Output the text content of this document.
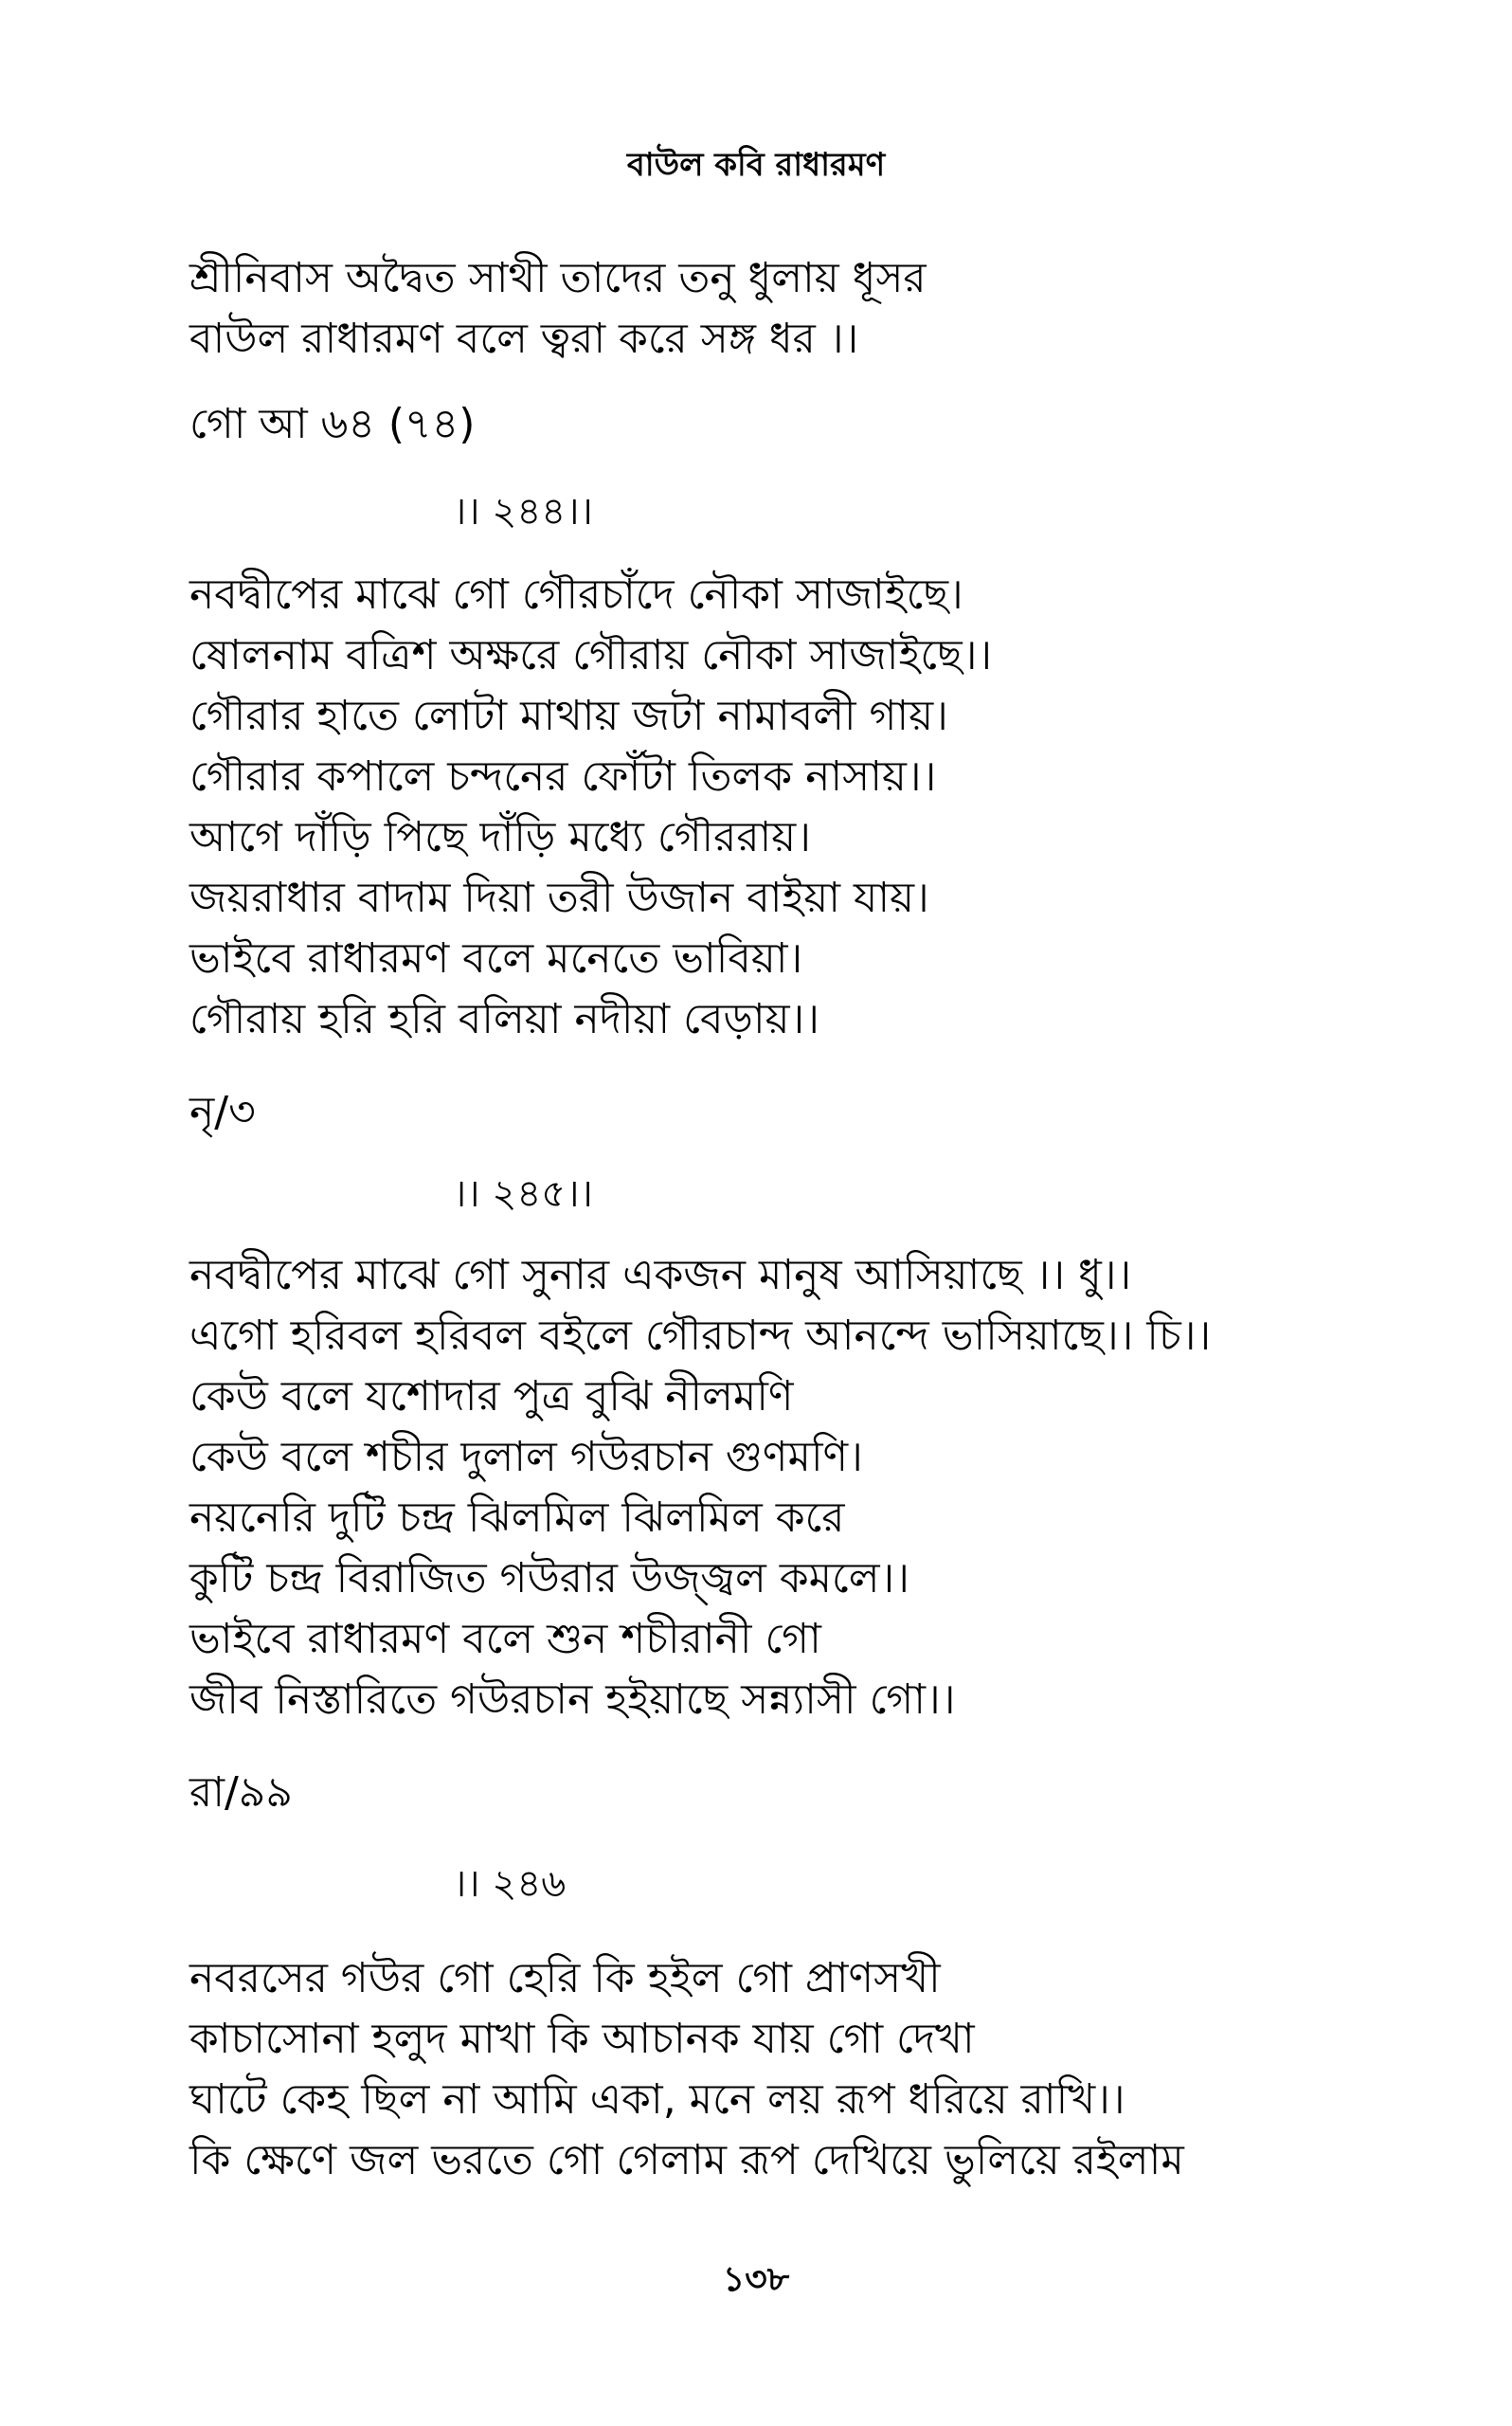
বাউল কবি রাধারমণ
শ্রীনিবাস অদ্বৈত সাথী তাদের তনু ধুলায় ধূসর
বাউল রাধারমণ বলে ত্বরা করে সঙ্গ ধর ।।
গো আ ৬৪ (৭৪)
।। ২৪৪।।
নবদ্বীপের মাঝে গো গৌরচাঁদে নৌকা সাজাইছে।
ষোলনাম বত্রিশ অক্ষরে গৌরায় নৌকা সাজাইছে।।
গৌরার হাতে লোটা মাথায় জটা নামাবলী গায়।
গৌরার কপালে চন্দনের ফোঁটা তিলক নাসায়।।
আগে দাঁড়ি পিছে দাঁড়ি মধ্যে গৌররায়।
জয়রাধার বাদাম দিয়া তরী উজান বাইয়া যায়।
ভাইবে রাধারমণ বলে মনেতে ভাবিয়া।
গৌরায় হরি হরি বলিয়া নদীয়া বেড়ায়।।
নৃ/৩
।। ২৪৫।।
নবদ্বীপের মাঝে গো সুনার একজন মানুষ আসিয়াছে ।। ধু।।
এগো হরিবল হরিবল বইলে গৌরচান্দ আনন্দে ভাসিয়াছে।। চি।।
কেউ বলে যশোদার পুত্র বুঝি নীলমণি
কেউ বলে শচীর দুলাল গউরচান গুণমণি।
নয়নেরি দুটি চন্দ্র ঝিলমিল ঝিলমিল করে
কুটি চন্দ্র বিরাজিত গউরার উজ্জ্বল কমলে।।
ভাইবে রাধারমণ বলে শুন শচীরানী গো
জীব নিস্তারিতে গউরচান হইয়াছে সন্ন্যাসী গো।।
রা/৯৯
।। ২৪৬
নবরসের গউর গো হেরি কি হইল গো প্রাণসখী
কাচাসোনা হলুদ মাখা কি আচানক যায় গো দেখা
ঘাটে কেহ ছিল না আমি একা, মনে লয় রূপ ধরিয়ে রাখি।।
কি ক্ষেণে জল ভরতে গো গেলাম রূপ দেখিয়ে ভুলিয়ে রইলাম
১৩৮
